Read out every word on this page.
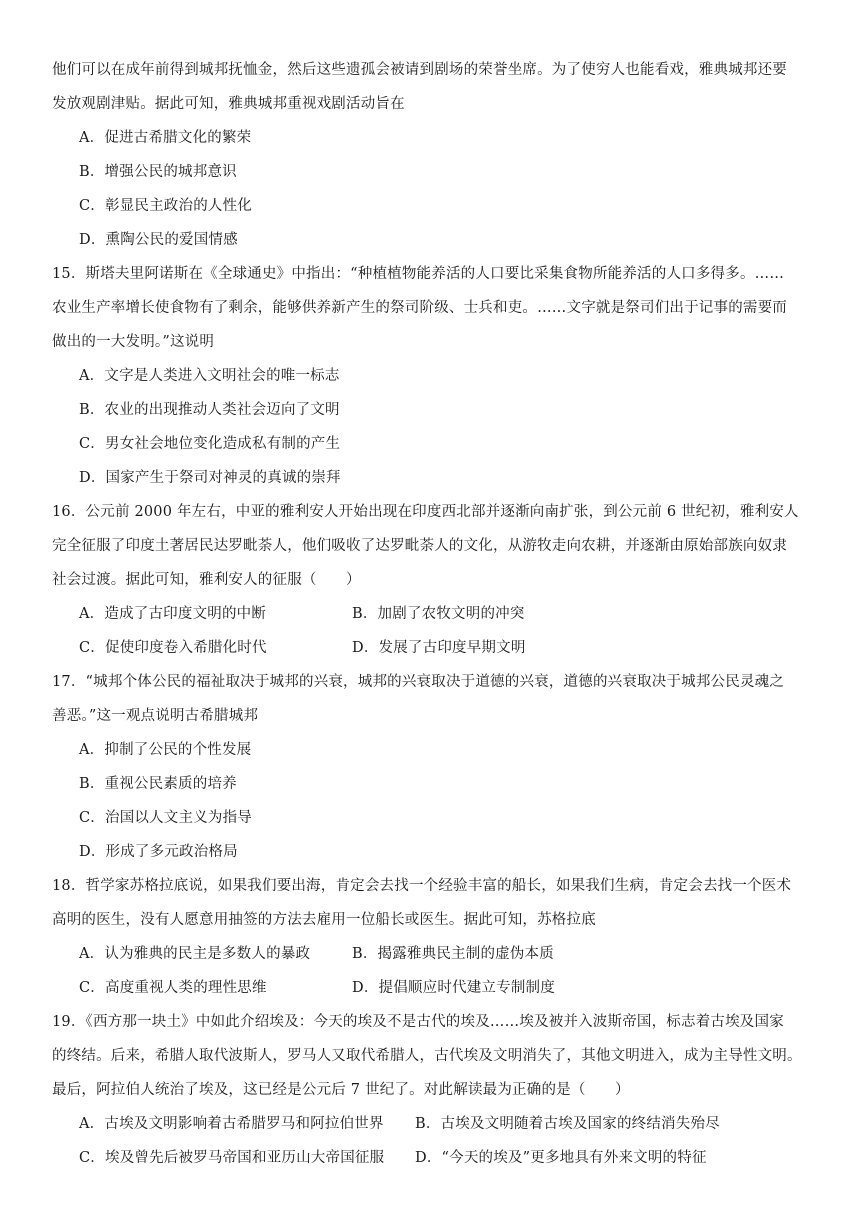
他们可以在成年前得到城邦抚恤金，然后这些遗孤会被请到剧场的荣誉坐席。为了使穷人也能看戏，雅典城邦还要
发放观剧津贴。据此可知，雅典城邦重视戏剧活动旨在
A．促进古希腊文化的繁荣
B．增强公民的城邦意识
C．彰显民主政治的人性化
D．熏陶公民的爱国情感
15．斯塔夫里阿诺斯在《全球通史》中指出：“种植植物能养活的人口要比采集食物所能养活的人口多得多。……
农业生产率增长使食物有了剩余，能够供养新产生的祭司阶级、士兵和吏。……文字就是祭司们出于记事的需要而
做出的一大发明。”这说明
A．文字是人类进入文明社会的唯一标志
B．农业的出现推动人类社会迈向了文明
C．男女社会地位变化造成私有制的产生
D．国家产生于祭司对神灵的真诚的崇拜
16．公元前 2000 年左右，中亚的雅利安人开始出现在印度西北部并逐渐向南扩张，到公元前 6 世纪初，雅利安人
完全征服了印度土著居民达罗毗荼人，他们吸收了达罗毗荼人的文化，从游牧走向农耕，并逐渐由原始部族向奴隶
社会过渡。据此可知，雅利安人的征服（　　）
A．造成了古印度文明的中断	B．加剧了农牧文明的冲突
C．促使印度卷入希腊化时代	D．发展了古印度早期文明
17．“城邦个体公民的福祉取决于城邦的兴衰，城邦的兴衰取决于道德的兴衰，道德的兴衰取决于城邦公民灵魂之
善恶。”这一观点说明古希腊城邦
A．抑制了公民的个性发展
B．重视公民素质的培养
C．治国以人文主义为指导
D．形成了多元政治格局
18．哲学家苏格拉底说，如果我们要出海，肯定会去找一个经验丰富的船长，如果我们生病，肯定会去找一个医术
高明的医生，没有人愿意用抽签的方法去雇用一位船长或医生。据此可知，苏格拉底
A．认为雅典的民主是多数人的暴政	B．揭露雅典民主制的虚伪本质
C．高度重视人类的理性思维	D．提倡顺应时代建立专制制度
19．《西方那一块土》中如此介绍埃及：今天的埃及不是古代的埃及……埃及被并入波斯帝国，标志着古埃及国家
的终结。后来，希腊人取代波斯人，罗马人又取代希腊人，古代埃及文明消失了，其他文明进入，成为主导性文明。
最后，阿拉伯人统治了埃及，这已经是公元后 7 世纪了。对此解读最为正确的是（　　）
A．古埃及文明影响着古希腊罗马和阿拉伯世界 B．古埃及文明随着古埃及国家的终结消失殆尽
C．埃及曾先后被罗马帝国和亚历山大帝国征服 D．“今天的埃及”更多地具有外来文明的特征
